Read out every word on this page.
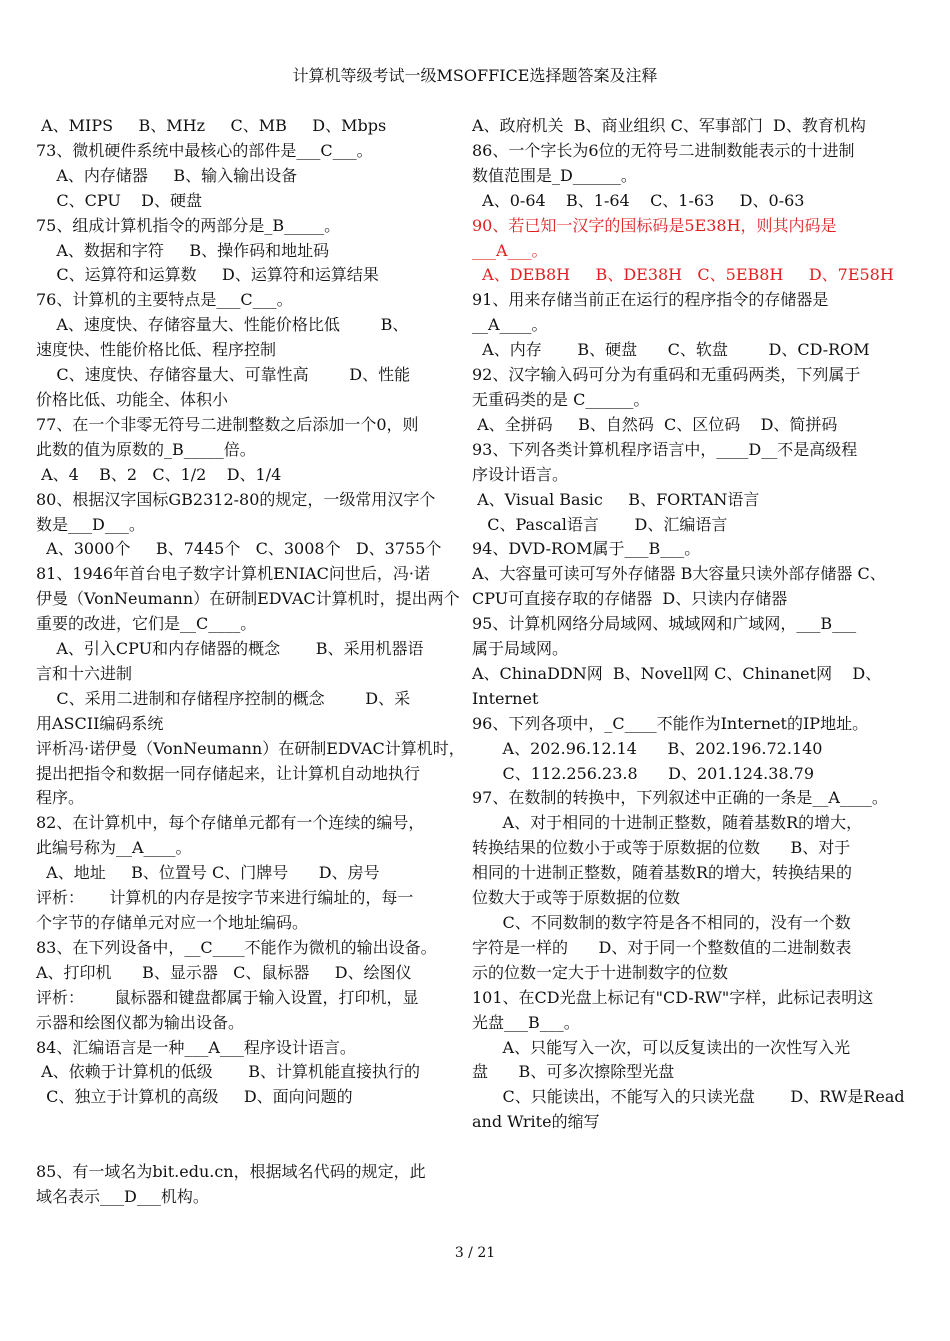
计算机等级考试一级MSOFFICE选择题答案及注释
A、MIPS     B、MHz     C、MB     D、Mbps
73、微机硬件系统中最核心的部件是___C___。
A、内存储器     B、输入输出设备
C、CPU    D、硬盘
75、组成计算机指令的两部分是_B_____。
A、数据和字符     B、操作码和地址码
C、运算符和运算数     D、运算符和运算结果
76、计算机的主要特点是___C___。
A、速度快、存储容量大、性能价格比低        B、
速度快、性能价格比低、程序控制
C、速度快、存储容量大、可靠性高        D、性能
价格比低、功能全、体积小
77、在一个非零无符号二进制整数之后添加一个0，则
此数的值为原数的_B_____倍。
A、4    B、2   C、1/2    D、1/4
80、根据汉字国标GB2312-80的规定，一级常用汉字个
数是___D___。
A、3000个     B、7445个   C、3008个   D、3755个
81、1946年首台电子数字计算机ENIAC问世后，冯·诺
伊曼（VonNeumann）在研制EDVAC计算机时，提出两个
重要的改进，它们是__C____。
A、引入CPU和内存储器的概念       B、采用机器语
言和十六进制
C、采用二进制和存储程序控制的概念        D、采
用ASCII编码系统
评析冯·诺伊曼（VonNeumann）在研制EDVAC计算机时，
提出把指令和数据一同存储起来，让计算机自动地执行
程序。
82、在计算机中，每个存储单元都有一个连续的编号，
此编号称为__A____。
A、地址     B、位置号 C、门牌号      D、房号
评析：     计算机的内存是按字节来进行编址的，每一
个字节的存储单元对应一个地址编码。
83、在下列设备中，__C____不能作为微机的输出设备。
A、打印机      B、显示器   C、鼠标器     D、绘图仪
评析：      鼠标器和键盘都属于输入设置，打印机，显
示器和绘图仪都为输出设备。
84、汇编语言是一种___A___程序设计语言。
A、依赖于计算机的低级       B、计算机能直接执行的
C、独立于计算机的高级     D、面向问题的

85、有一域名为bit.edu.cn，根据域名代码的规定，此
域名表示___D___机构。
A、政府机关  B、商业组织 C、军事部门  D、教育机构
86、一个字长为6位的无符号二进制数能表示的十进制
数值范围是_D______。
A、0-64    B、1-64    C、1-63     D、0-63
90、若已知一汉字的国标码是5E38H，则其内码是
___A___。
A、DEB8H     B、DE38H   C、5EB8H     D、7E58H
91、用来存储当前正在运行的程序指令的存储器是
__A____。
A、内存       B、硬盘      C、软盘        D、CD-ROM
92、汉字输入码可分为有重码和无重码两类，下列属于
无重码类的是 C______。
A、全拼码     B、自然码  C、区位码    D、简拼码
93、下列各类计算机程序语言中，____D__不是高级程
序设计语言。
A、Visual Basic     B、FORTAN语言
C、Pascal语言       D、汇编语言
94、DVD-ROM属于___B___。
A、大容量可读可写外存储器 B大容量只读外部存储器 C、
CPU可直接存取的存储器  D、只读内存储器
95、计算机网络分局域网、城域网和广域网，___B___
属于局域网。
A、ChinaDDN网  B、Novell网 C、Chinanet网    D、
Internet
96、下列各项中，_C____不能作为Internet的IP地址。
A、202.96.12.14      B、202.196.72.140
C、112.256.23.8      D、201.124.38.79
97、在数制的转换中，下列叙述中正确的一条是__A____。
A、对于相同的十进制正整数，随着基数R的增大，
转换结果的位数小于或等于原数据的位数      B、对于
相同的十进制正整数，随着基数R的增大，转换结果的
位数大于或等于原数据的位数
C、不同数制的数字符是各不相同的，没有一个数
字符是一样的      D、对于同一个整数值的二进制数表
示的位数一定大于十进制数字的位数
101、在CD光盘上标记有"CD-RW"字样，此标记表明这
光盘___B___。
A、只能写入一次，可以反复读出的一次性写入光
盘      B、可多次擦除型光盘
C、只能读出，不能写入的只读光盘       D、RW是Read
and Write的缩写
3 / 21
